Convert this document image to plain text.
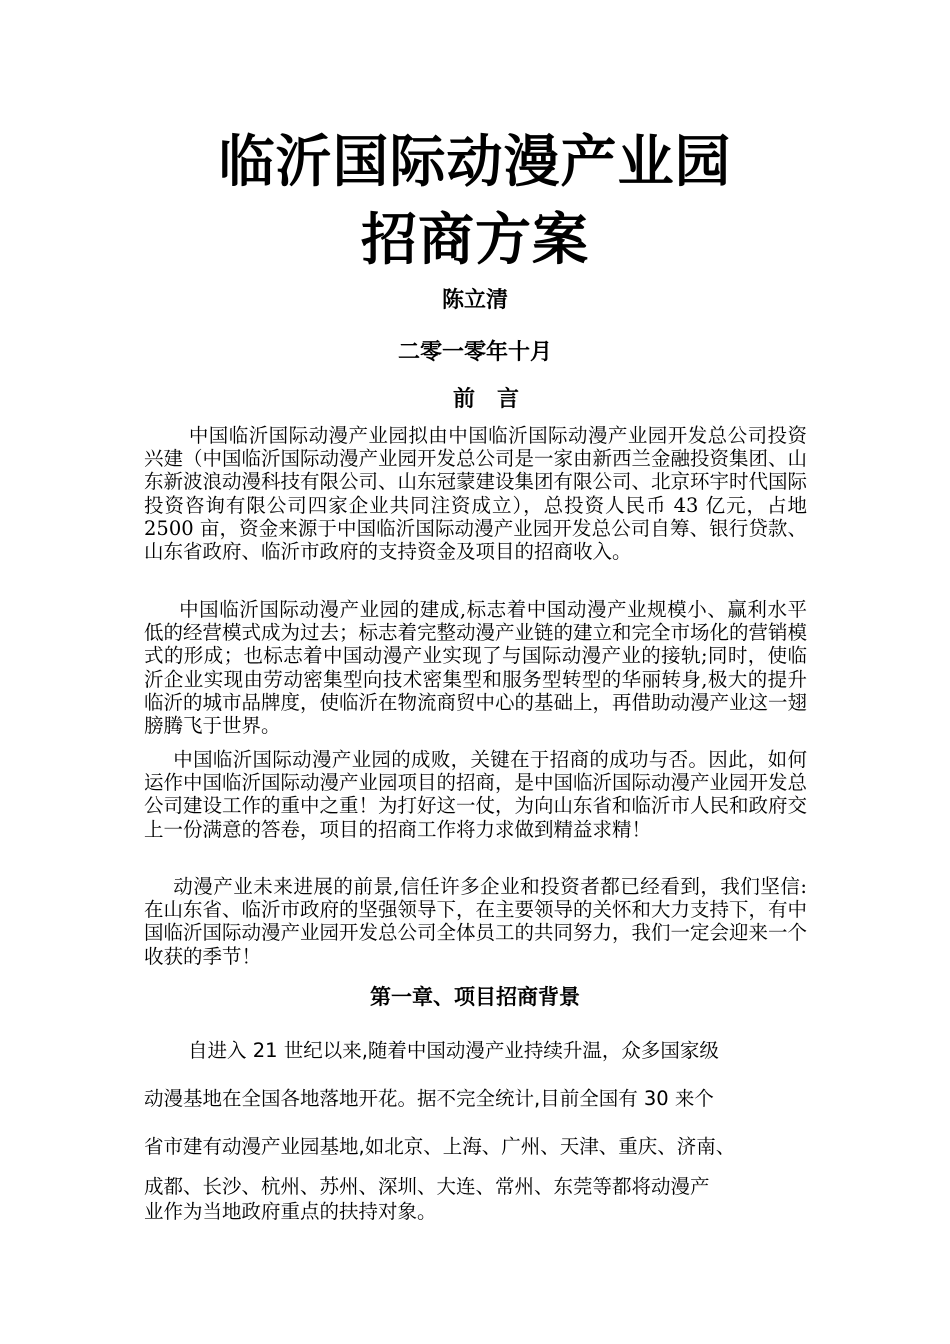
临沂国际动漫产业园
招商方案
陈立清
二零一零年十月
前言

中国临沂国际动漫产业园拟由中国临沂国际动漫产业园开发总公司投资兴建（中国临沂国际动漫产业园开发总公司是一家由新西兰金融投资集团、山东新波浪动漫科技有限公司、山东冠蒙建设集团有限公司、北京环宇时代国际投资咨询有限公司四家企业共同注资成立），总投资人民币 43 亿元，占地 2500 亩，资金来源于中国临沂国际动漫产业园开发总公司自筹、银行贷款、山东省政府、临沂市政府的支持资金及项目的招商收入。

中国临沂国际动漫产业园的建成,标志着中国动漫产业规模小、赢利水平低的经营模式成为过去；标志着完整动漫产业链的建立和完全市场化的营销模式的形成；也标志着中国动漫产业实现了与国际动漫产业的接轨;同时，使临沂企业实现由劳动密集型向技术密集型和服务型转型的华丽转身,极大的提升临沂的城市品牌度，使临沂在物流商贸中心的基础上，再借助动漫产业这一翅膀腾飞于世界。

中国临沂国际动漫产业园的成败，关键在于招商的成功与否。因此，如何运作中国临沂国际动漫产业园项目的招商，是中国临沂国际动漫产业园开发总公司建设工作的重中之重！为打好这一仗，为向山东省和临沂市人民和政府交上一份满意的答卷，项目的招商工作将力求做到精益求精！

动漫产业未来进展的前景,信任许多企业和投资者都已经看到，我们坚信:在山东省、临沂市政府的坚强领导下，在主要领导的关怀和大力支持下，有中国临沂国际动漫产业园开发总公司全体员工的共同努力，我们一定会迎来一个收获的季节！

第一章、项目招商背景
自进入 21 世纪以来,随着中国动漫产业持续升温，众多国家级
动漫基地在全国各地落地开花。据不完全统计,目前全国有 30 来个
省市建有动漫产业园基地,如北京、上海、广州、天津、重庆、济南、
成都、长沙、杭州、苏州、深圳、大连、常州、东莞等都将动漫产
业作为当地政府重点的扶持对象。
